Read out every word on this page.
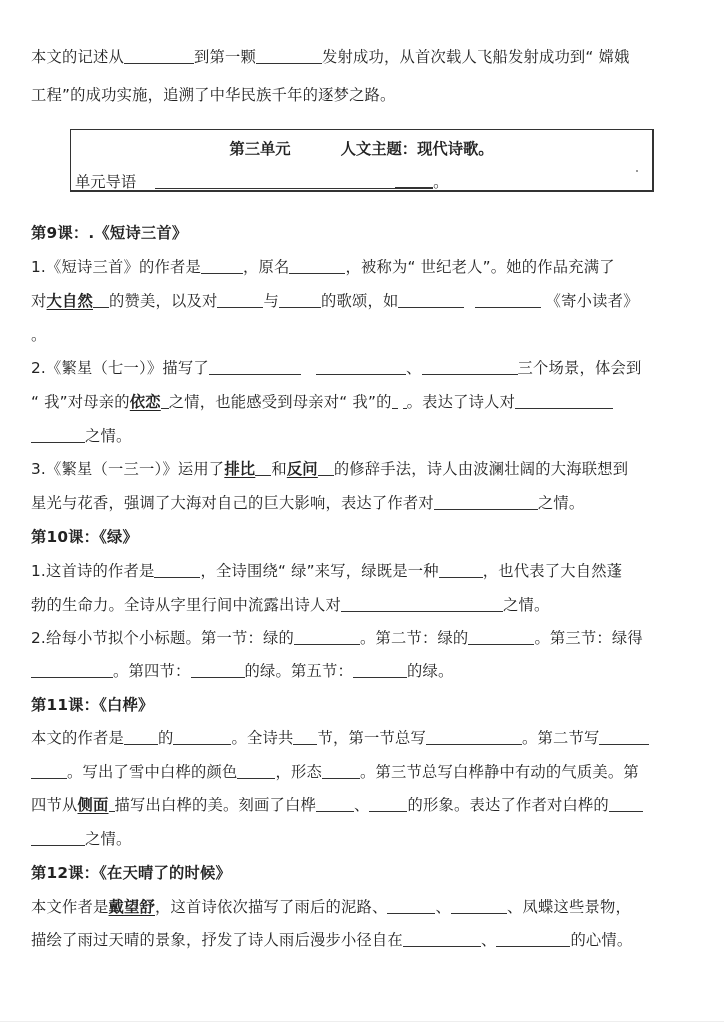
本文的记述从	到第一颗	发射成功，从首次载人飞船发射成功到“ 嫦娥
工程”的成功实施，追溯了中华民族千年的逐梦之路。
第三单元	人文主题：现代诗歌。
单元导语	。
第9课：.《短诗三首》
1.《短诗三首》的作者是	，原名	，被称为“ 世纪老人”。她的作品充满了
对大自然 的赞美，以及对	与	的歌颂，如	《寄小读者》
。
2.《繁星（七一）》描写了	、	三个场景，体会到
“ 我”对母亲的依恋 之情，也能感受到母亲对“ 我”的 。表达了诗人对
之情。
3.《繁星（一三一）》运用了排比 和反问 的修辞手法，诗人由波澜壮阔的大海联想到
星光与花香，强调了大海对自己的巨大影响，表达了作者对	之情。
第10课：《绿》
1.这首诗的作者是	，全诗围绕“ 绿”来写，绿既是一种	，也代表了大自然蓬
勃的生命力。全诗从字里行间中流露出诗人对	之情。
2.给每小节拟个小标题。第一节：绿的	。第二节：绿的	。第三节：绿得
。第四节：	的绿。第五节：	的绿。
第11课：《白桦》
本文的作者是 的	。全诗共 节，第一节总写	。第二节写
。写出了雪中白桦的颜色 ，形态 。第三节总写白桦静中有动的气质美。第
四节从侧面 描写出白桦的美。刻画了白桦 、 的形象。表达了作者对白桦的
之情。
第12课：《在天晴了的时候》
本文作者是戴望舒，这首诗依次描写了雨后的泥路、	、	、凤蝶这些景物，
描绘了雨过天晴的景象，抒发了诗人雨后漫步小径自在	、	的心情。
